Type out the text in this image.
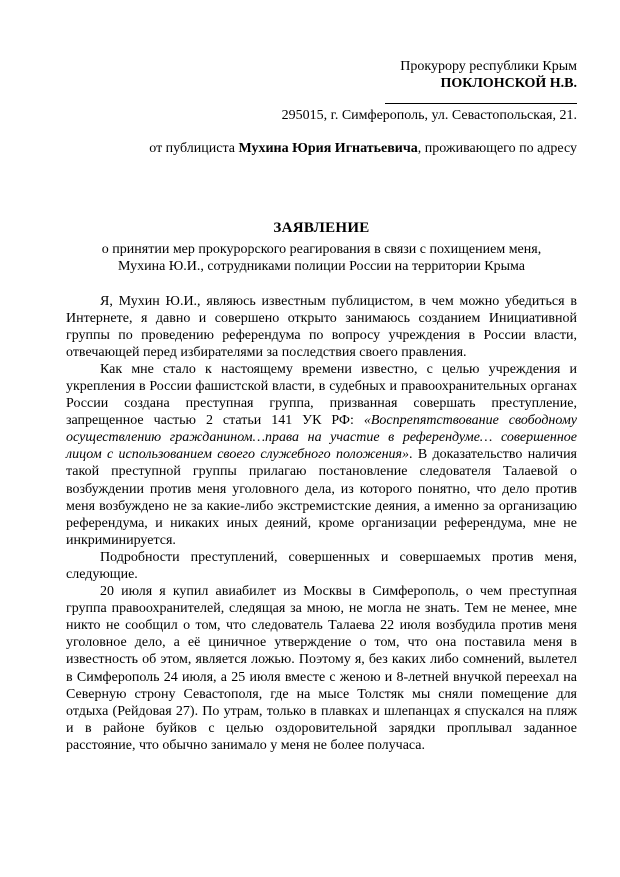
Прокурору республики Крым
ПОКЛОНСКОЙ Н.В.
295015, г. Симферополь, ул. Севастопольская, 21.
от публициста Мухина Юрия Игнатьевича, проживающего по адресу
ЗАЯВЛЕНИЕ
о принятии мер прокурорского реагирования в связи с похищением меня, Мухина Ю.И., сотрудниками полиции России на территории Крыма

Я, Мухин Ю.И., являюсь известным публицистом, в чем можно убедиться в Интернете, я давно и совершено открыто занимаюсь созданием Инициативной группы по проведению референдума по вопросу учреждения в России власти, отвечающей перед избирателями за последствия своего правления.

Как мне стало к настоящему времени известно, с целью учреждения и укрепления в России фашистской власти, в судебных и правоохранительных органах России создана преступная группа, призванная совершать преступление, запрещенное частью 2 статьи 141 УК РФ: «Воспрепятствование свободному осуществлению гражданином…права на участие в референдуме… совершенное лицом с использованием своего служебного положения». В доказательство наличия такой преступной группы прилагаю постановление следователя Талаевой о возбуждении против меня уголовного дела, из которого понятно, что дело против меня возбуждено не за какие-либо экстремистские деяния, а именно за организацию референдума, и никаких иных деяний, кроме организации референдума, мне не инкриминируется.

Подробности преступлений, совершенных и совершаемых против меня, следующие.

20 июля я купил авиабилет из Москвы в Симферополь, о чем преступная группа правоохранителей, следящая за мною, не могла не знать. Тем не менее, мне никто не сообщил о том, что следователь Талаева 22 июля возбудила против меня уголовное дело, а её циничное утверждение о том, что она поставила меня в известность об этом, является ложью. Поэтому я, без каких либо сомнений, вылетел в Симферополь 24 июля, а 25 июля вместе с женою и 8-летней внучкой переехал на Северную строну Севастополя, где на мысе Толстяк мы сняли помещение для отдыха (Рейдовая 27). По утрам, только в плавках и шлепанцах я спускался на пляж и в районе буйков с целью оздоровительной зарядки проплывал заданное расстояние, что обычно занимало у меня не более получаса.
